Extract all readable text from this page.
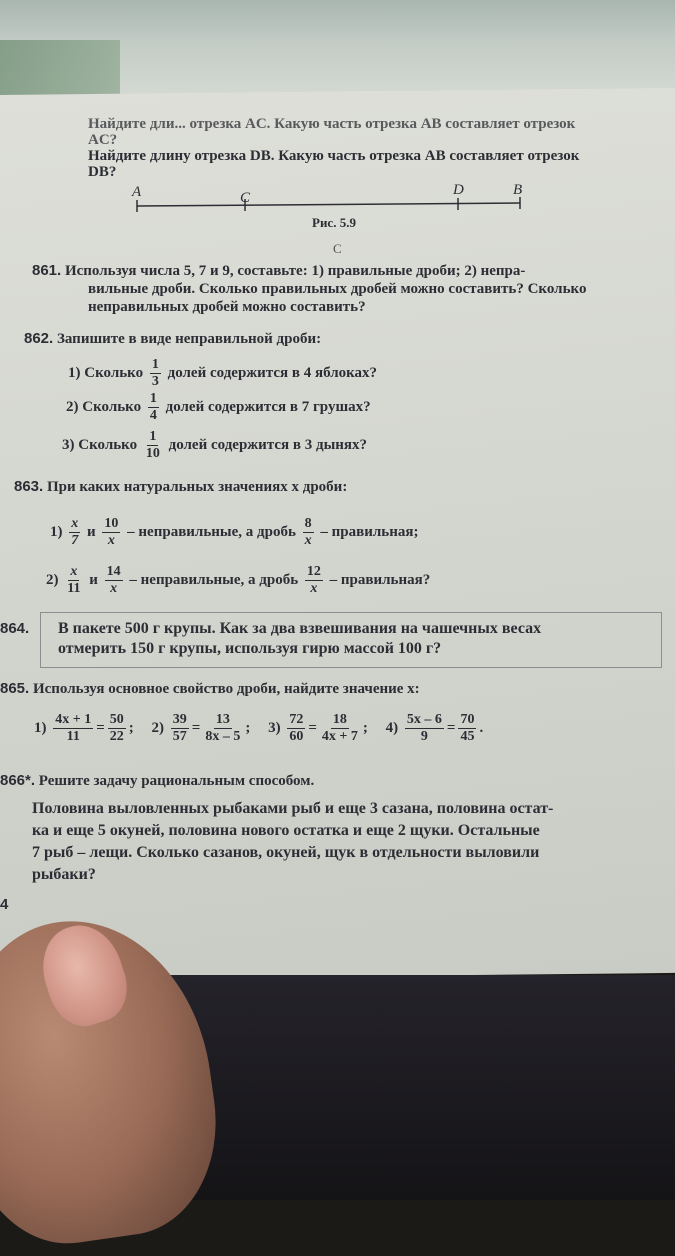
Найдите дли... отрезка AC. Какую часть отрезка AB составляет отрезок
AC?
Найдите длину отрезка DB. Какую часть отрезка AB составляет отрезок
DB?
A	C	D	B
Рис. 5.9
С
861. Используя числа 5, 7 и 9, составьте: 1) правильные дроби; 2) непра-
вильные дроби. Сколько правильных дробей можно составить? Сколько
неправильных дробей можно составить?
862. Запишите в виде неправильной дроби:
1) Сколько $\frac{1}{3}$ долей содержится в 4 яблоках?
2) Сколько $\frac{1}{4}$ долей содержится в 7 грушах?
3) Сколько $\frac{1}{10}$ долей содержится в 3 дынях?
863. При каких натуральных значениях x дроби:
$1) \frac{x}{7}$ и $\frac{10}{x}$ – неправильные, а дробь $\frac{8}{x}$ – правильная;
$2) \frac{x}{11}$ и $\frac{14}{x}$ – неправильные, а дробь $\frac{12}{x}$ – правильная?
864. В пакете 500 г крупы. Как за два взвешивания на чашечных весах
отмерить 150 г крупы, используя гирю массой 100 г?
865. Используя основное свойство дроби, найдите значение x:
$1) \frac{4x + 1}{11} = \frac{50}{22}$ ; $2) \frac{39}{57} = \frac{13}{8x - 5}$ ; $3) \frac{72}{60} = \frac{18}{4x + 7}$ ; $4) \frac{5x - 6}{9} = \frac{70}{45}$ .
866*. Решите задачу рациональным способом.
Половина выловленных рыбаками рыб и еще 3 сазана, половина остат-
ка и еще 5 окуней, половина нового остатка и еще 2 щуки. Остальные
7 рыб – лещи. Сколько сазанов, окуней, щук в отдельности выловили
рыбаки?
4
